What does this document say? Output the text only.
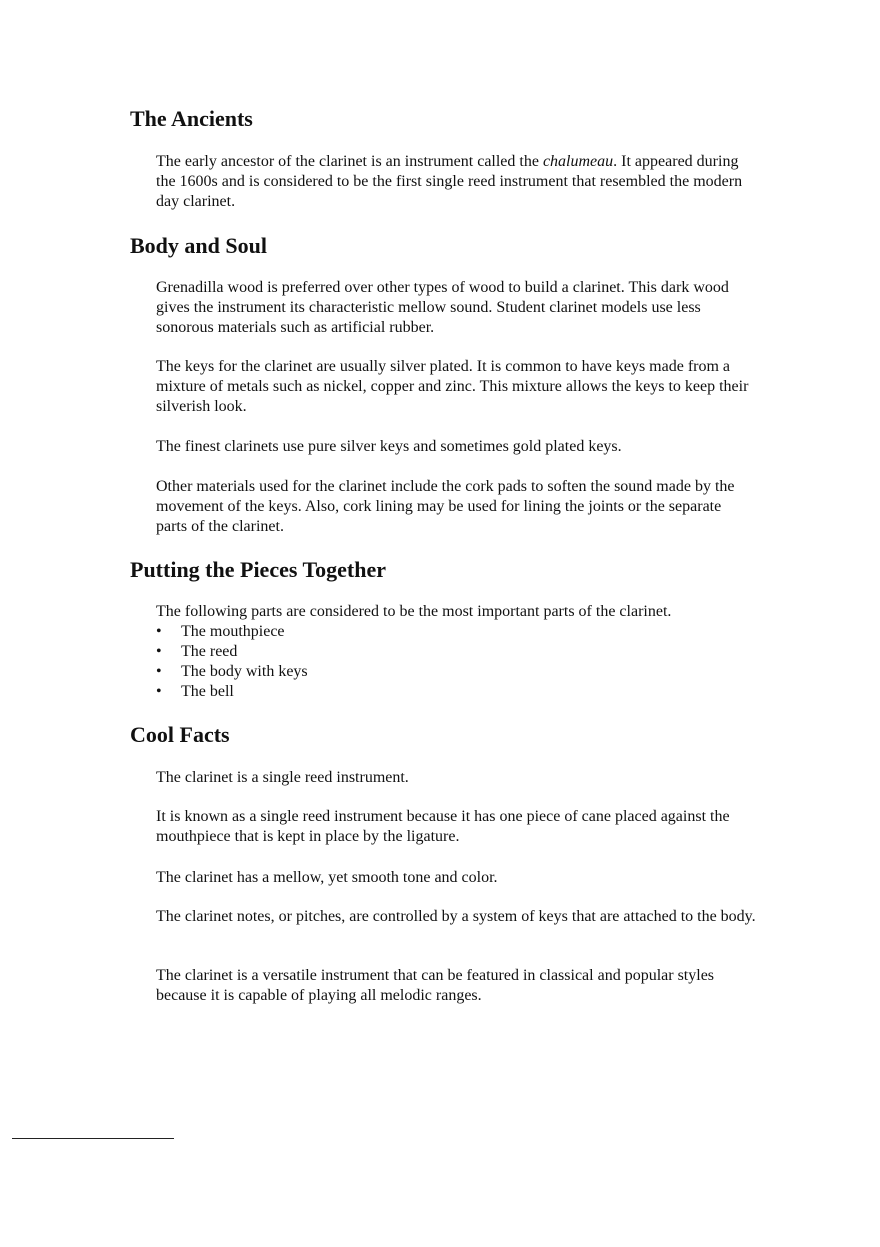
The Ancients

The early ancestor of the clarinet is an instrument called the chalumeau. It appeared during the 1600s and is considered to be the first single reed instrument that resembled the modern day clarinet.

Body and Soul

Grenadilla wood is preferred over other types of wood to build a clarinet. This dark wood gives the instrument its characteristic mellow sound. Student clarinet models use less sonorous materials such as artificial rubber.

The keys for the clarinet are usually silver plated. It is common to have keys made from a mixture of metals such as nickel, copper and zinc. This mixture allows the keys to keep their silverish look.

The finest clarinets use pure silver keys and sometimes gold plated keys.

Other materials used for the clarinet include the cork pads to soften the sound made by the movement of the keys. Also, cork lining may be used for lining the joints or the separate parts of the clarinet.

Putting the Pieces Together

The following parts are considered to be the most important parts of the clarinet.

• The mouthpiece
• The reed
• The body with keys
• The bell
Cool Facts

The clarinet is a single reed instrument.

It is known as a single reed instrument because it has one piece of cane placed against the mouthpiece that is kept in place by the ligature.

The clarinet has a mellow, yet smooth tone and color.

The clarinet notes, or pitches, are controlled by a system of keys that are attached to the body.

The clarinet is a versatile instrument that can be featured in classical and popular styles because it is capable of playing all melodic ranges.
